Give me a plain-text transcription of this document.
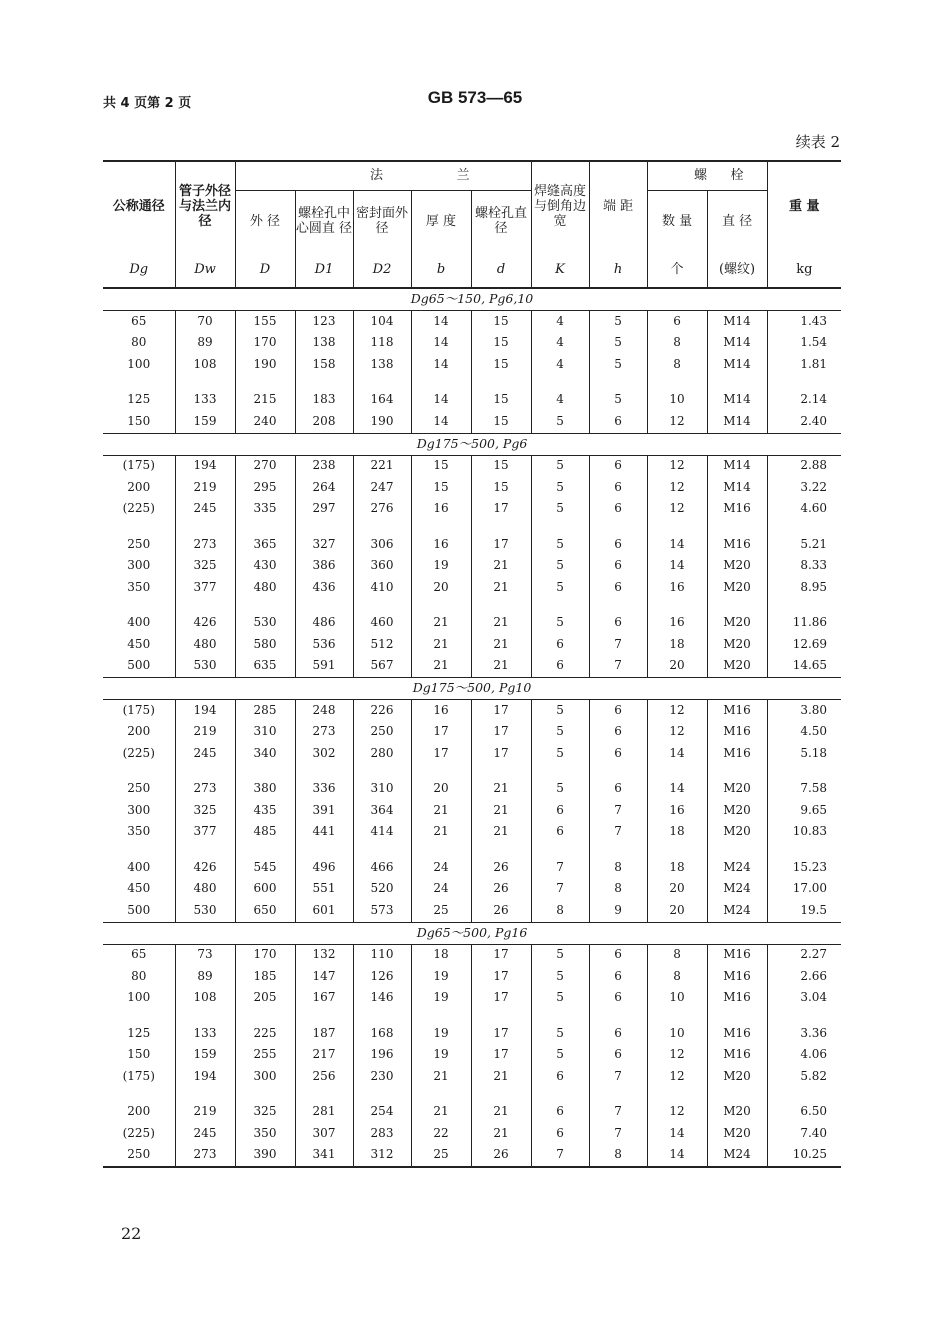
共 4 页第 2 页	GB 573—65
续表 2
公称通径	管子外径与法兰内径	法 兰					焊缝高度与倒角边宽	端 距	螺 栓		重 量
		外 径	螺栓孔中心圆直 径	密封面外 径	厚 度	螺栓孔直 径			数 量	直 径	
Dg	Dw	D	D1	D2	b	d	K	h	个	(螺纹)	kg
Dg65～150, Pg6,10											
65	70	155	123	104	14	15	4	5	6	M14	1.43
80	89	170	138	118	14	15	4	5	8	M14	1.54
100	108	190	158	138	14	15	4	5	8	M14	1.81

125	133	215	183	164	14	15	4	5	10	M14	2.14
150	159	240	208	190	14	15	5	6	12	M14	2.40
Dg175～500, Pg6											
(175)	194	270	238	221	15	15	5	6	12	M14	2.88
200	219	295	264	247	15	15	5	6	12	M14	3.22
(225)	245	335	297	276	16	17	5	6	12	M16	4.60

250	273	365	327	306	16	17	5	6	14	M16	5.21
300	325	430	386	360	19	21	5	6	14	M20	8.33
350	377	480	436	410	20	21	5	6	16	M20	8.95

400	426	530	486	460	21	21	5	6	16	M20	11.86
450	480	580	536	512	21	21	6	7	18	M20	12.69
500	530	635	591	567	21	21	6	7	20	M20	14.65
Dg175～500, Pg10											
(175)	194	285	248	226	16	17	5	6	12	M16	3.80
200	219	310	273	250	17	17	5	6	12	M16	4.50
(225)	245	340	302	280	17	17	5	6	14	M16	5.18

250	273	380	336	310	20	21	5	6	14	M20	7.58
300	325	435	391	364	21	21	6	7	16	M20	9.65
350	377	485	441	414	21	21	6	7	18	M20	10.83

400	426	545	496	466	24	26	7	8	18	M24	15.23
450	480	600	551	520	24	26	7	8	20	M24	17.00
500	530	650	601	573	25	26	8	9	20	M24	19.5
Dg65～500, Pg16											
65	73	170	132	110	18	17	5	6	8	M16	2.27
80	89	185	147	126	19	17	5	6	8	M16	2.66
100	108	205	167	146	19	17	5	6	10	M16	3.04

125	133	225	187	168	19	17	5	6	10	M16	3.36
150	159	255	217	196	19	17	5	6	12	M16	4.06
(175)	194	300	256	230	21	21	6	7	12	M20	5.82

200	219	325	281	254	21	21	6	7	12	M20	6.50
(225)	245	350	307	283	22	21	6	7	14	M20	7.40
250	273	390	341	312	25	26	7	8	14	M24	10.25
22
